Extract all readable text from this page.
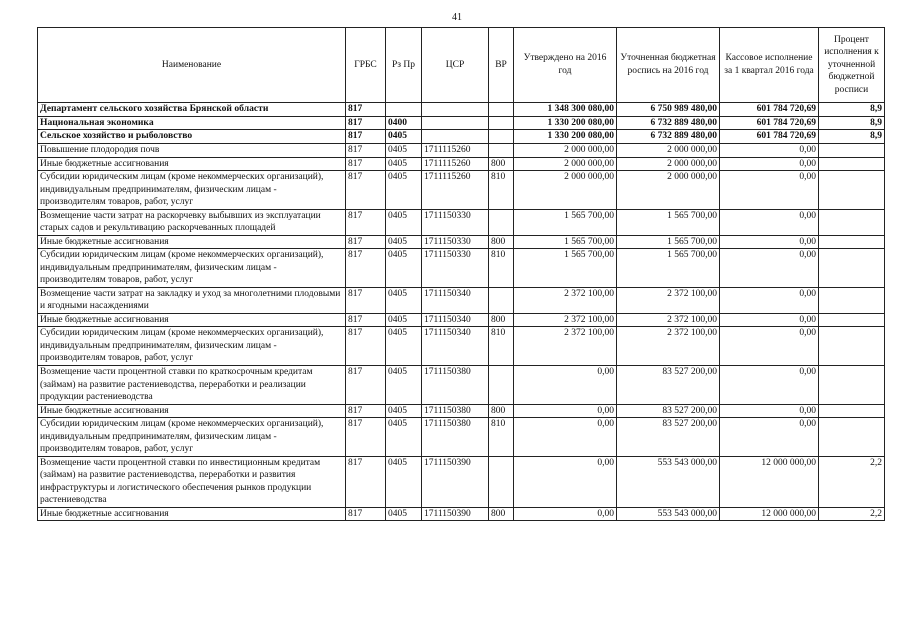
41
Наименование	ГРБС	Рз Пр	ЦСР	ВР	Утверждено на 2016 год	Уточненная бюджетная роспись на 2016 год	Кассовое исполнение за 1 квартал 2016 года	Процент исполнения к уточненной бюджетной росписи
Департамент сельского хозяйства Брянской области	817				1 348 300 080,00	6 750 989 480,00	601 784 720,69	8,9
Национальная экономика	817	0400			1 330 200 080,00	6 732 889 480,00	601 784 720,69	8,9
Сельское хозяйство и рыболовство	817	0405			1 330 200 080,00	6 732 889 480,00	601 784 720,69	8,9
Повышение плодородия почв	817	0405	1711115260		2 000 000,00	2 000 000,00	0,00	
Иные бюджетные ассигнования	817	0405	1711115260	800	2 000 000,00	2 000 000,00	0,00	
Субсидии юридическим лицам (кроме некоммерческих организаций), индивидуальным предпринимателям, физическим лицам - производителям товаров, работ, услуг	817	0405	1711115260	810	2 000 000,00	2 000 000,00	0,00	
Возмещение части затрат на раскорчевку выбывших из эксплуатации старых садов и рекультивацию раскорчеванных площадей	817	0405	1711150330		1 565 700,00	1 565 700,00	0,00	
Иные бюджетные ассигнования	817	0405	1711150330	800	1 565 700,00	1 565 700,00	0,00	
Субсидии юридическим лицам (кроме некоммерческих организаций), индивидуальным предпринимателям, физическим лицам - производителям товаров, работ, услуг	817	0405	1711150330	810	1 565 700,00	1 565 700,00	0,00	
Возмещение части затрат на закладку и уход за многолетними плодовыми и ягодными насаждениями	817	0405	1711150340		2 372 100,00	2 372 100,00	0,00	
Иные бюджетные ассигнования	817	0405	1711150340	800	2 372 100,00	2 372 100,00	0,00	
Субсидии юридическим лицам (кроме некоммерческих организаций), индивидуальным предпринимателям, физическим лицам - производителям товаров, работ, услуг	817	0405	1711150340	810	2 372 100,00	2 372 100,00	0,00	
Возмещение части процентной ставки по краткосрочным кредитам (займам) на развитие растениеводства, переработки и реализации продукции растениеводства	817	0405	1711150380		0,00	83 527 200,00	0,00	
Иные бюджетные ассигнования	817	0405	1711150380	800	0,00	83 527 200,00	0,00	
Субсидии юридическим лицам (кроме некоммерческих организаций), индивидуальным предпринимателям, физическим лицам - производителям товаров, работ, услуг	817	0405	1711150380	810	0,00	83 527 200,00	0,00	
Возмещение части процентной ставки по инвестиционным кредитам (займам) на развитие растениеводства, переработки и развития инфраструктуры и логистического обеспечения рынков продукции растениеводства	817	0405	1711150390		0,00	553 543 000,00	12 000 000,00	2,2
Иные бюджетные ассигнования	817	0405	1711150390	800	0,00	553 543 000,00	12 000 000,00	2,2
